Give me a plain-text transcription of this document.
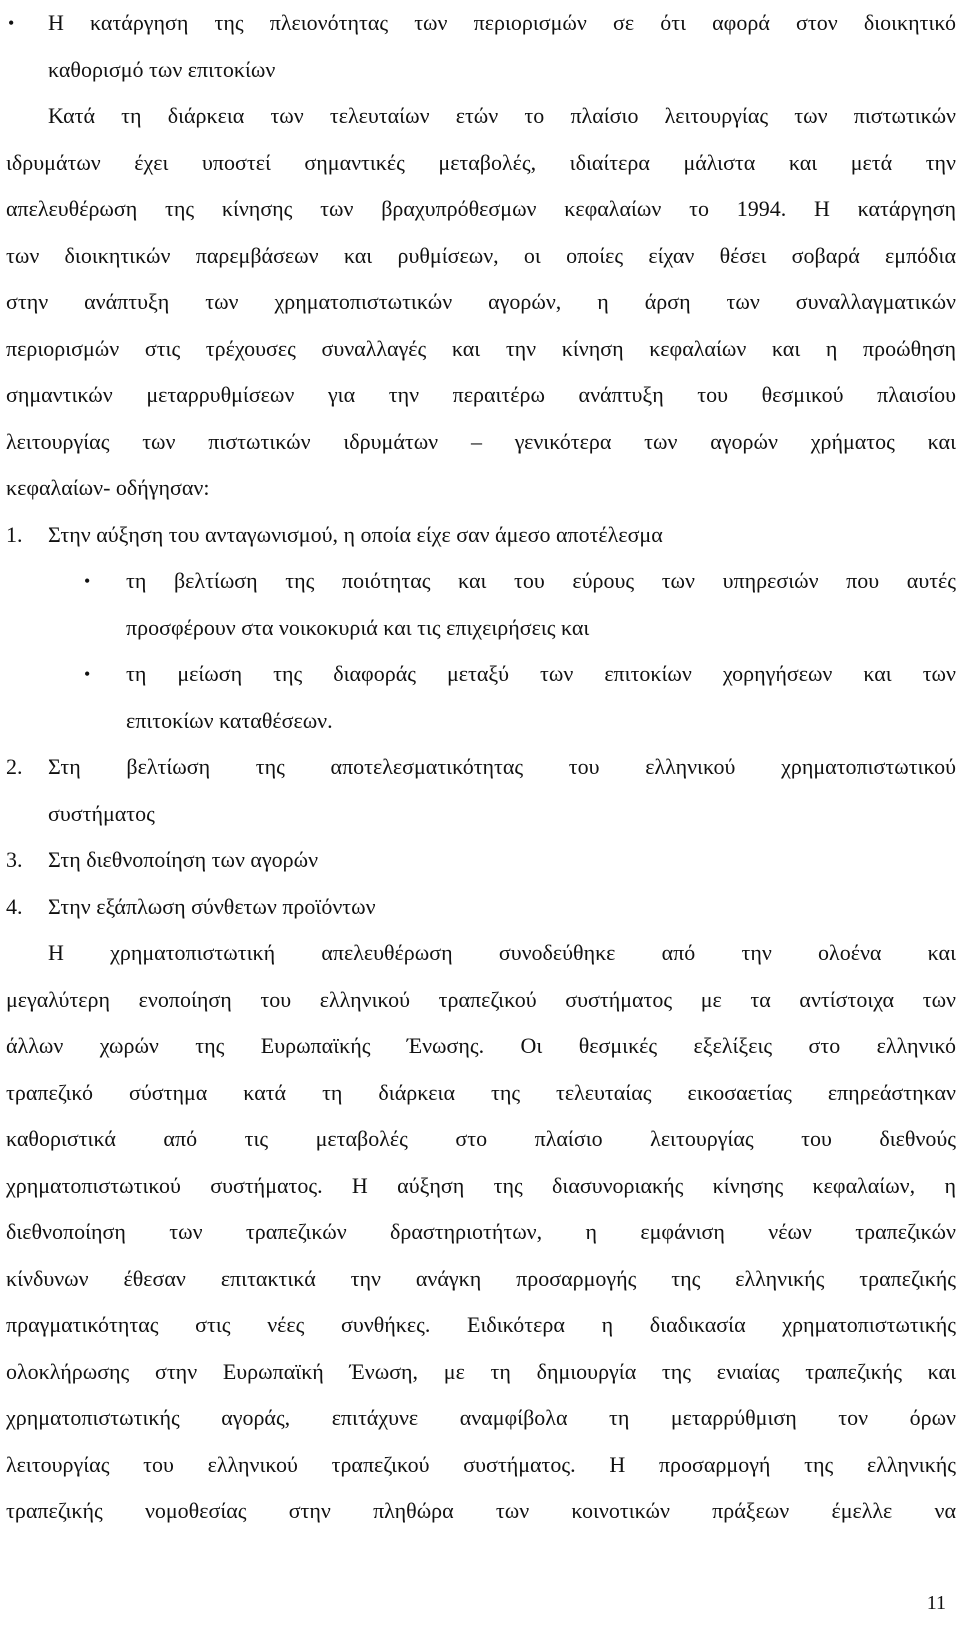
• Η κατάργηση της πλειονότητας των περιορισμών σε ότι αφορά στον διοικητικό
καθορισμό των επιτοκίων
Κατά τη διάρκεια των τελευταίων ετών το πλαίσιο λειτουργίας των πιστωτικών
ιδρυμάτων έχει υποστεί σημαντικές μεταβολές, ιδιαίτερα μάλιστα και μετά την
απελευθέρωση της κίνησης των βραχυπρόθεσμων κεφαλαίων το 1994. Η κατάργηση
των διοικητικών παρεμβάσεων και ρυθμίσεων, οι οποίες είχαν θέσει σοβαρά εμπόδια
στην ανάπτυξη των χρηματοπιστωτικών αγορών, η άρση των συναλλαγματικών
περιορισμών στις τρέχουσες συναλλαγές και την κίνηση κεφαλαίων και η προώθηση
σημαντικών μεταρρυθμίσεων για την περαιτέρω ανάπτυξη του θεσμικού πλαισίου
λειτουργίας των πιστωτικών ιδρυμάτων – γενικότερα των αγορών χρήματος και
κεφαλαίων- οδήγησαν:
1. Στην αύξηση του ανταγωνισμού, η οποία είχε σαν άμεσο αποτέλεσμα
• τη βελτίωση της ποιότητας και του εύρους των υπηρεσιών που αυτές
προσφέρουν στα νοικοκυριά και τις επιχειρήσεις και
• τη μείωση της διαφοράς μεταξύ των επιτοκίων χορηγήσεων και των
επιτοκίων καταθέσεων.
2. Στη βελτίωση της αποτελεσματικότητας του ελληνικού χρηματοπιστωτικού
συστήματος
3. Στη διεθνοποίηση των αγορών
4. Στην εξάπλωση σύνθετων προϊόντων
Η χρηματοπιστωτική απελευθέρωση συνοδεύθηκε από την ολοένα και
μεγαλύτερη ενοποίηση του ελληνικού τραπεζικού συστήματος με τα αντίστοιχα των
άλλων χωρών της Ευρωπαϊκής Ένωσης. Οι θεσμικές εξελίξεις στο ελληνικό
τραπεζικό σύστημα κατά τη διάρκεια της τελευταίας εικοσαετίας επηρεάστηκαν
καθοριστικά από τις μεταβολές στο πλαίσιο λειτουργίας του διεθνούς
χρηματοπιστωτικού συστήματος. Η αύξηση της διασυνοριακής κίνησης κεφαλαίων, η
διεθνοποίηση των τραπεζικών δραστηριοτήτων, η εμφάνιση νέων τραπεζικών
κίνδυνων έθεσαν επιτακτικά την ανάγκη προσαρμογής της ελληνικής τραπεζικής
πραγματικότητας στις νέες συνθήκες. Ειδικότερα η διαδικασία χρηματοπιστωτικής
ολοκλήρωσης στην Ευρωπαϊκή Ένωση, με τη δημιουργία της ενιαίας τραπεζικής και
χρηματοπιστωτικής αγοράς, επιτάχυνε αναμφίβολα τη μεταρρύθμιση τον όρων
λειτουργίας του ελληνικού τραπεζικού συστήματος. Η προσαρμογή της ελληνικής
τραπεζικής νομοθεσίας στην πληθώρα των κοινοτικών πράξεων έμελλε να
11
